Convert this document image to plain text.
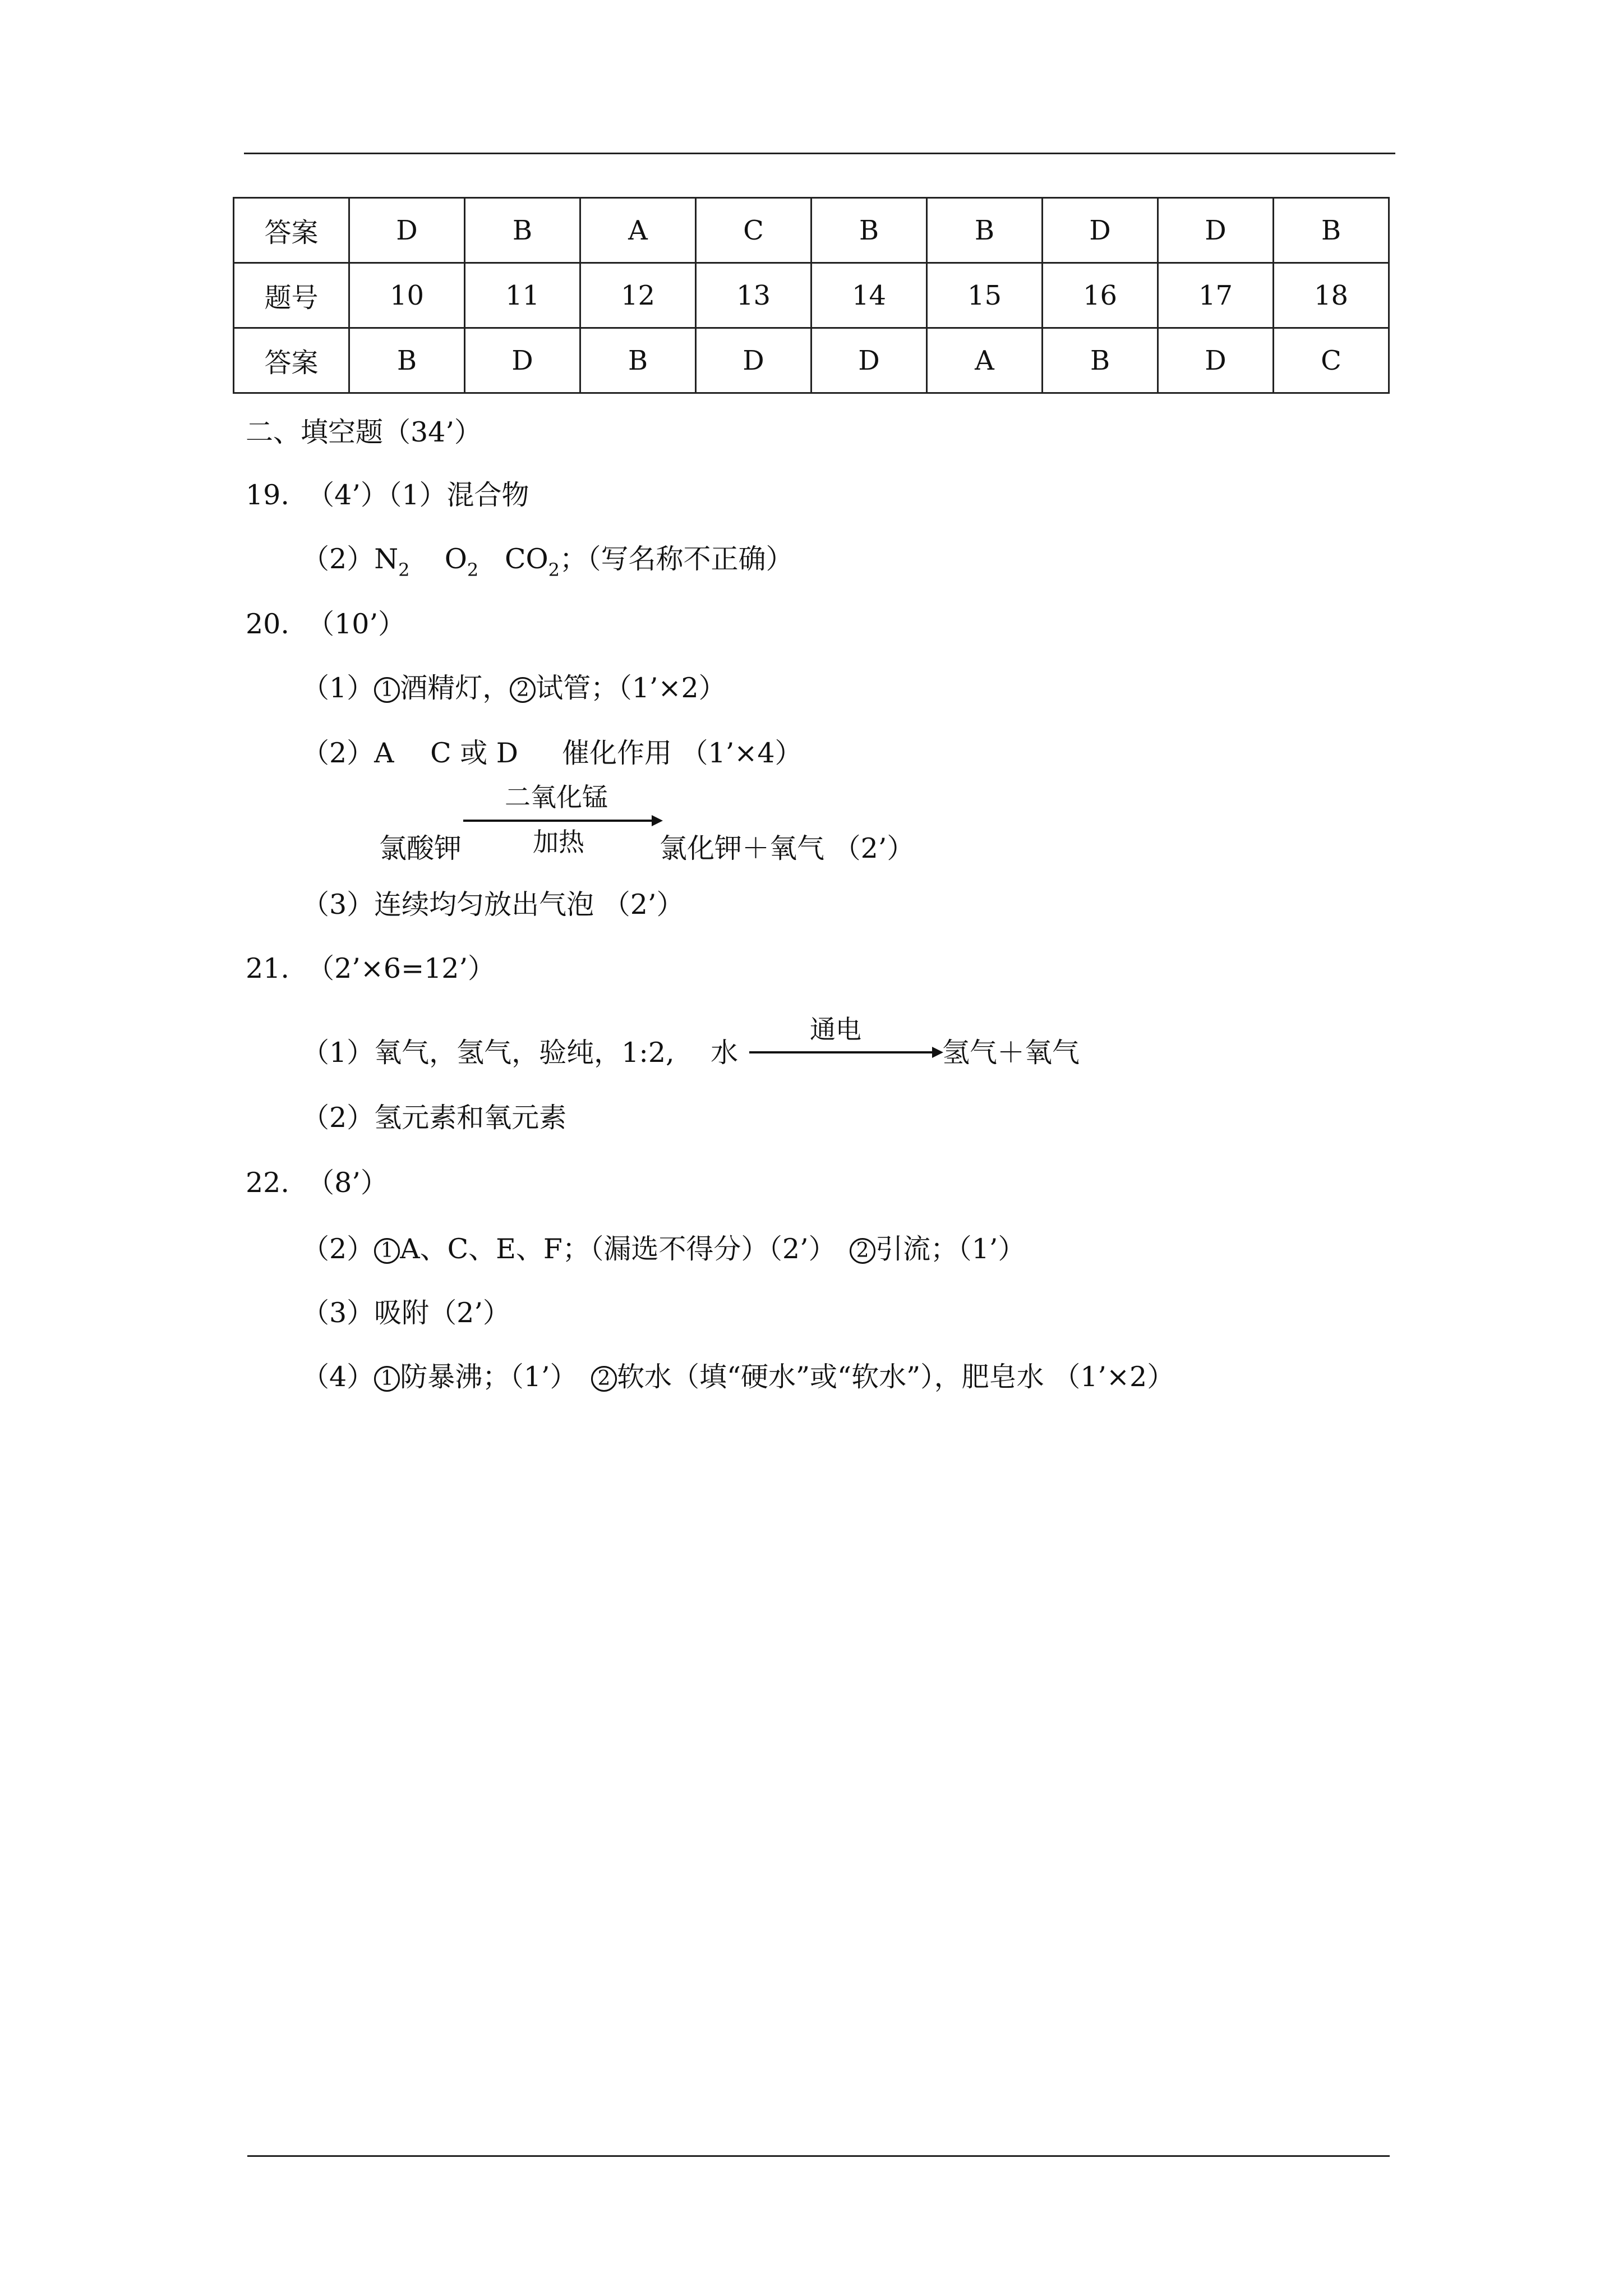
答案	D	B	A	C	B	B	D	D	B
题号	10	11	12	13	14	15	16	17	18
答案	B	D	B	D	D	A	B	D	C
二、填空题（34’）
19. （4’）（1）混合物
$(2)N_2$ $O_2$ $CO_2$；（写名称不正确）
20. （10’）
（1） 1 酒精灯， 2 试管；（1’×2）
（2）A　 C 或 D 催化作用 （1’×4）
氯酸钾
二氧化锰
加热	氯化钾＋氧气 （2’）
（3）连续均匀放出气泡 （2’）
21. （2’×6=12’）
（1）氧气，氢气，验纯，1:2,　 水
通电
氢气＋氧气
（2）氢元素和氧元素
22. （8’）
（2） 1 A、C、E、F；（漏选不得分）（2’）　2 引流；（1’）
（3）吸附（2’）
（4） 1 防暴沸；（1’）　2 软水（填“硬水”或“软水”），肥皂水 （1’×2）
